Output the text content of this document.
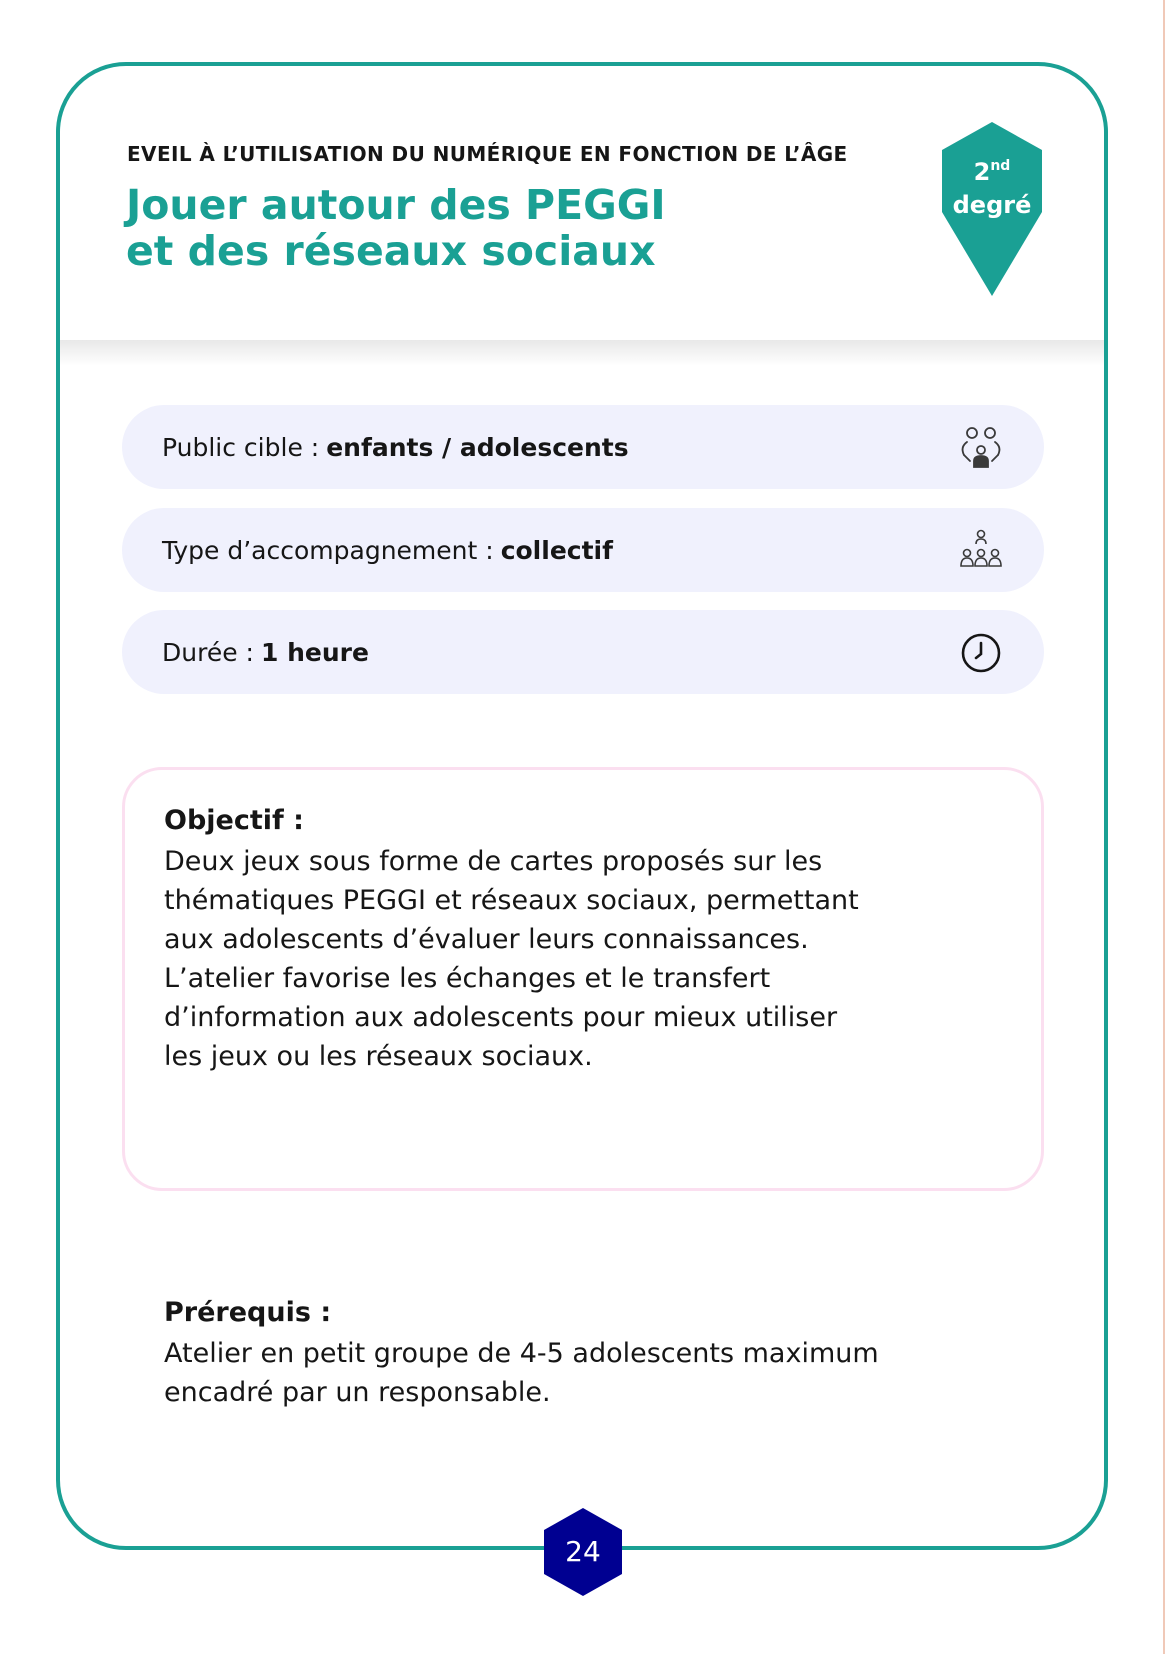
EVEIL À L’UTILISATION DU NUMÉRIQUE EN FONCTION DE L’ÂGE
Jouer autour des PEGGI
et des réseaux sociaux
2nd
degré
Public cible : enfants / adolescents
Type d’accompagnement : collectif
Durée : 1 heure
Objectif :
Deux jeux sous forme de cartes proposés sur les
thématiques PEGGI et réseaux sociaux, permettant
aux adolescents d’évaluer leurs connaissances.
L’atelier favorise les échanges et le transfert
d’information aux adolescents pour mieux utiliser
les jeux ou les réseaux sociaux.
Prérequis :
Atelier en petit groupe de 4-5 adolescents maximum
encadré par un responsable.
24
